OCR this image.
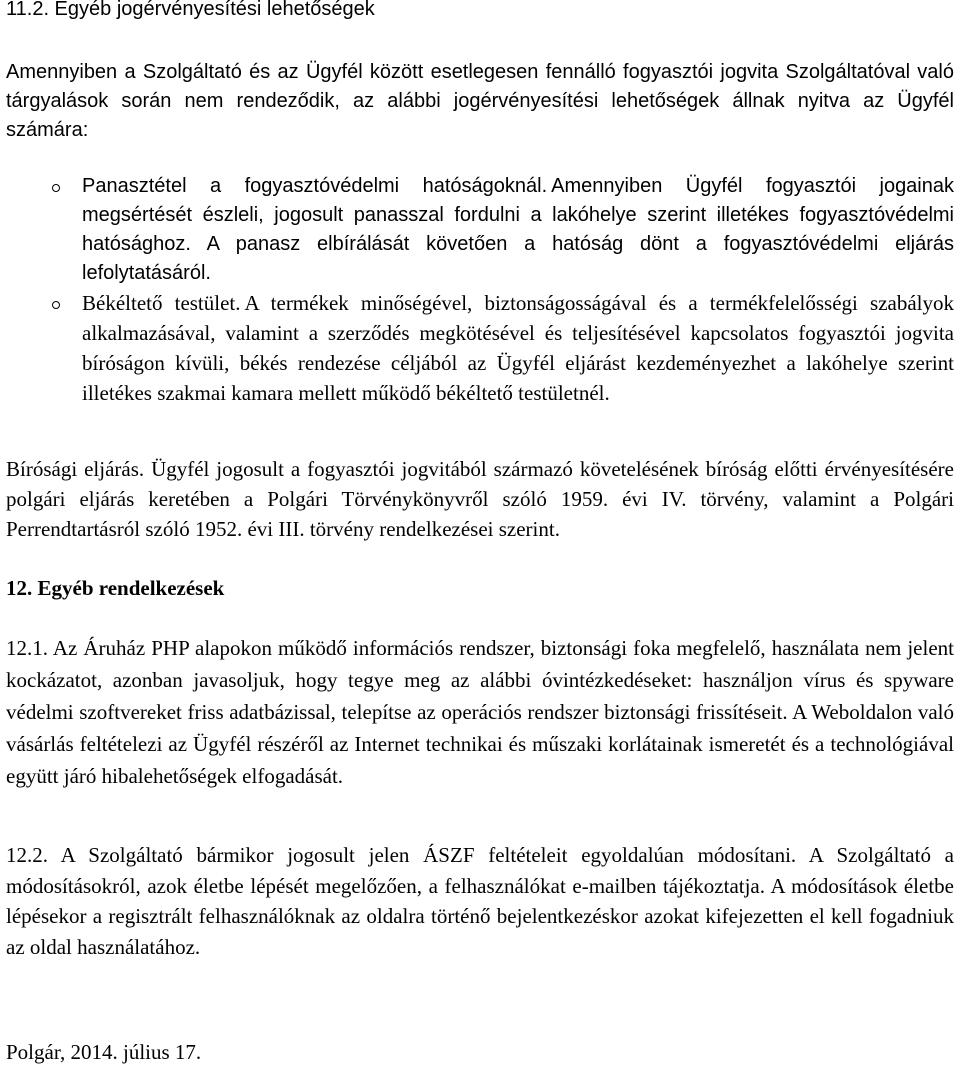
11.2. Egyéb jogérvényesítési lehetőségek

Amennyiben a Szolgáltató és az Ügyfél között esetlegesen fennálló fogyasztói jogvita Szolgáltatóval való tárgyalások során nem rendeződik, az alábbi jogérvényesítési lehetőségek állnak nyitva az Ügyfél számára:

Panasztétel a fogyasztóvédelmi hatóságoknál. Amennyiben Ügyfél fogyasztói jogainak megsértését észleli, jogosult panasszal fordulni a lakóhelye szerint illetékes fogyasztóvédelmi hatósághoz. A panasz elbírálását követően a hatóság dönt a fogyasztóvédelmi eljárás lefolytatásáról.
Békéltető testület. A termékek minőségével, biztonságosságával és a termékfelelősségi szabályok alkalmazásával, valamint a szerződés megkötésével és teljesítésével kapcsolatos fogyasztói jogvita bíróságon kívüli, békés rendezése céljából az Ügyfél eljárást kezdeményezhet a lakóhelye szerint illetékes szakmai kamara mellett működő békéltető testületnél.

Bírósági eljárás. Ügyfél jogosult a fogyasztói jogvitából származó követelésének bíróság előtti érvényesítésére polgári eljárás keretében a Polgári Törvénykönyvről szóló 1959. évi IV. törvény, valamint a Polgári Perrendtartásról szóló 1952. évi III. törvény rendelkezései szerint.

12. Egyéb rendelkezések

12.1. Az Áruház PHP alapokon működő információs rendszer, biztonsági foka megfelelő, használata nem jelent kockázatot, azonban javasoljuk, hogy tegye meg az alábbi óvintézkedéseket: használjon vírus és spyware védelmi szoftvereket friss adatbázissal, telepítse az operációs rendszer biztonsági frissítéseit. A Weboldalon való vásárlás feltételezi az Ügyfél részéről az Internet technikai és műszaki korlátainak ismeretét és a technológiával együtt járó hibalehetőségek elfogadását.

12.2. A Szolgáltató bármikor jogosult jelen ÁSZF feltételeit egyoldalúan módosítani. A Szolgáltató a módosításokról, azok életbe lépését megelőzően, a felhasználókat e-mailben tájékoztatja. A módosítások életbe lépésekor a regisztrált felhasználóknak az oldalra történő bejelentkezéskor azokat kifejezetten el kell fogadniuk az oldal használatához.

Polgár, 2014. július 17.
